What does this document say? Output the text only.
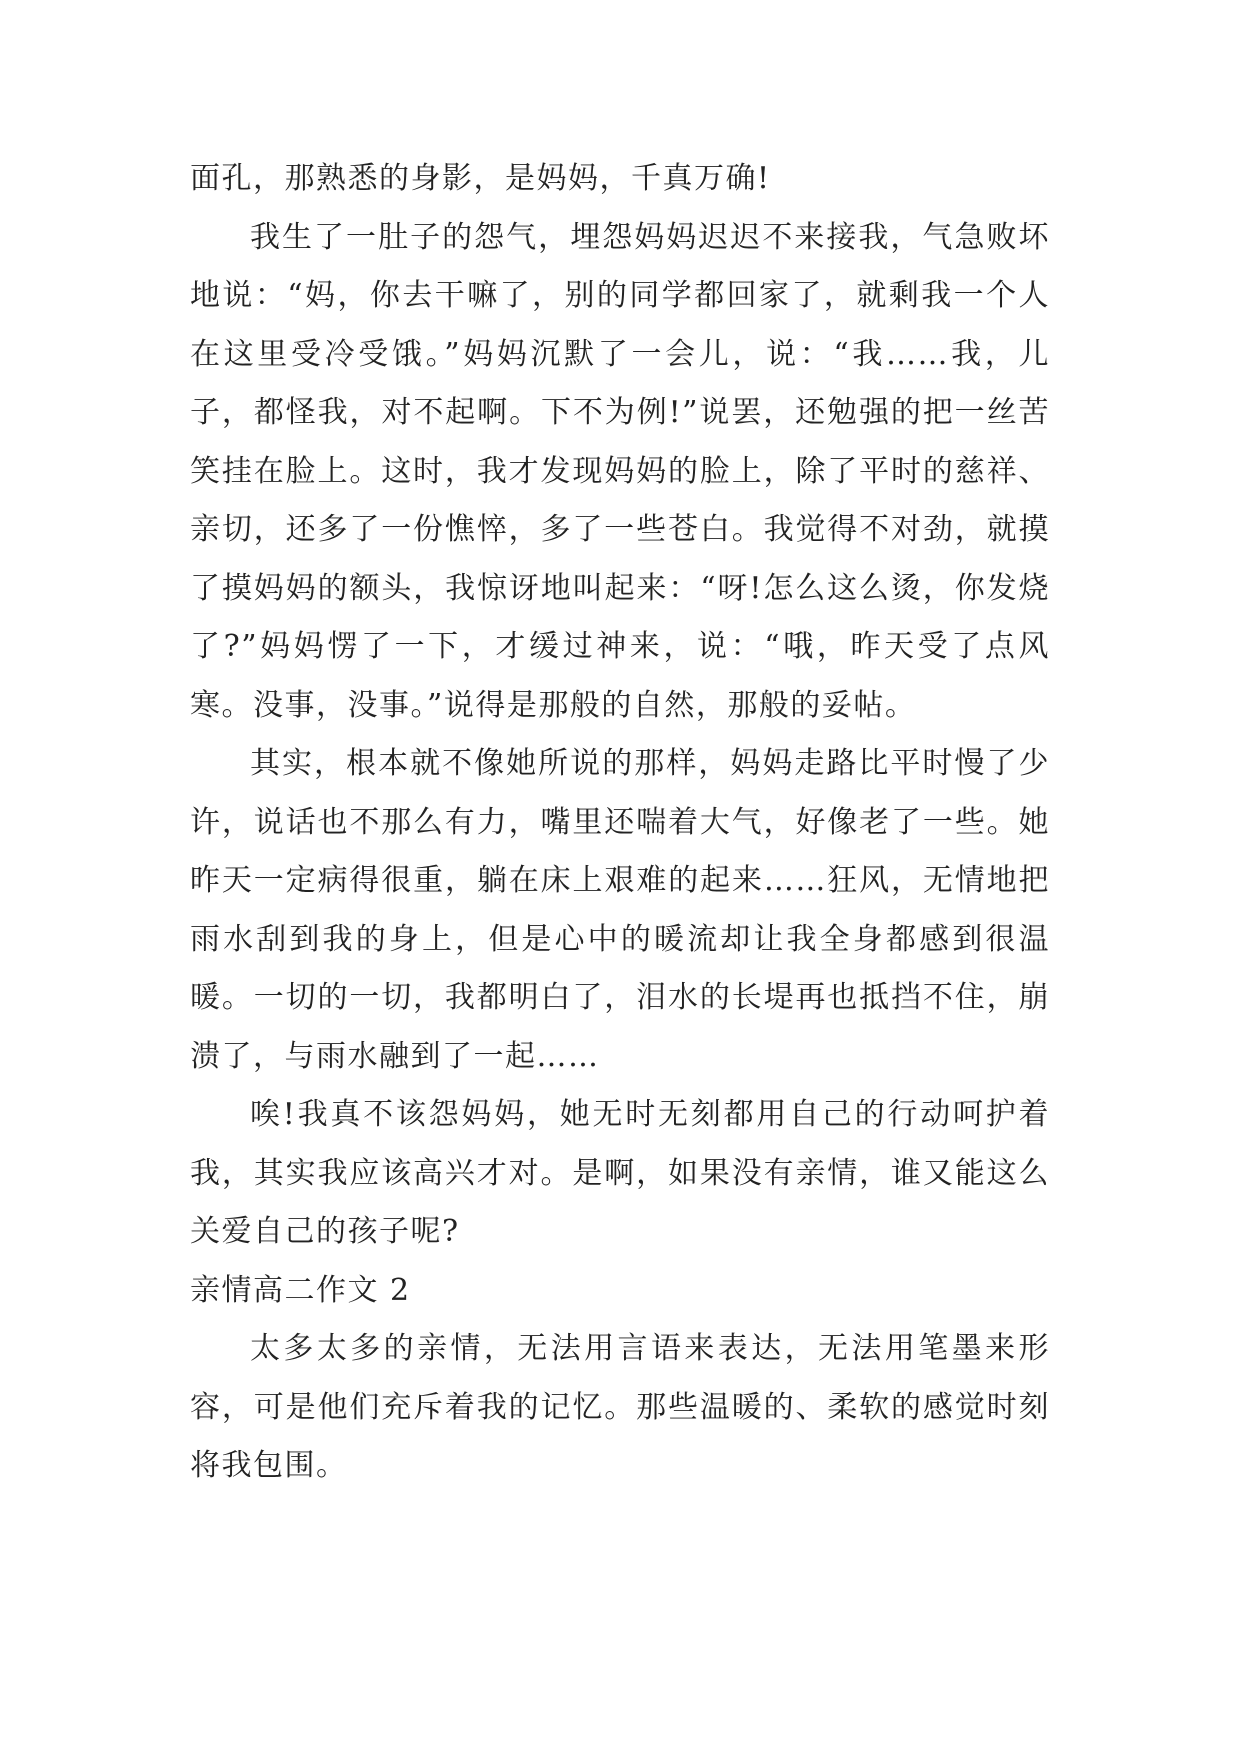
面孔，那熟悉的身影，是妈妈，千真万确!

我生了一肚子的怨气，埋怨妈妈迟迟不来接我，气急败坏地说：“妈，你去干嘛了，别的同学都回家了，就剩我一个人在这里受冷受饿。”妈妈沉默了一会儿，说：“我……我，儿子，都怪我，对不起啊。下不为例!”说罢，还勉强的把一丝苦笑挂在脸上。这时，我才发现妈妈的脸上，除了平时的慈祥、亲切，还多了一份憔悴，多了一些苍白。我觉得不对劲，就摸了摸妈妈的额头，我惊讶地叫起来：“呀!怎么这么烫，你发烧了?”妈妈愣了一下，才缓过神来，说：“哦，昨天受了点风寒。没事，没事。”说得是那般的自然，那般的妥帖。

其实，根本就不像她所说的那样，妈妈走路比平时慢了少许，说话也不那么有力，嘴里还喘着大气，好像老了一些。她昨天一定病得很重，躺在床上艰难的起来……狂风，无情地把雨水刮到我的身上，但是心中的暖流却让我全身都感到很温暖。一切的一切，我都明白了，泪水的长堤再也抵挡不住，崩溃了，与雨水融到了一起……

唉!我真不该怨妈妈，她无时无刻都用自己的行动呵护着我，其实我应该高兴才对。是啊，如果没有亲情，谁又能这么关爱自己的孩子呢?

亲情高二作文 2

太多太多的亲情，无法用言语来表达，无法用笔墨来形容，可是他们充斥着我的记忆。那些温暖的、柔软的感觉时刻将我包围。
